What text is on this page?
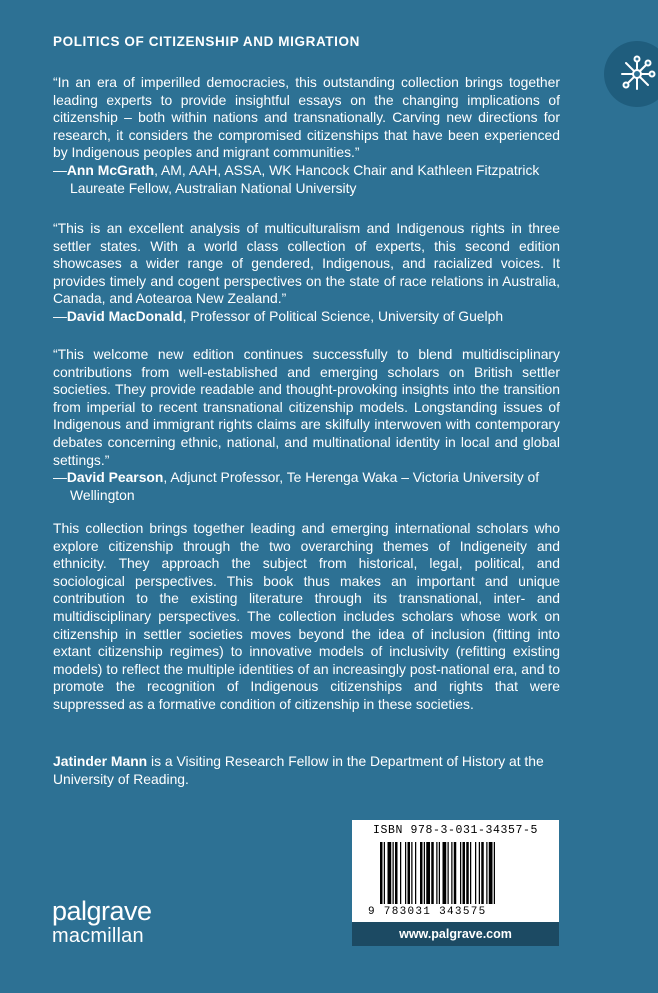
POLITICS OF CITIZENSHIP AND MIGRATION

“In an era of imperilled democracies, this outstanding collection brings together leading experts to provide insightful essays on the changing implications of citizenship – both within nations and transnationally. Carving new directions for research, it considers the compromised citizenships that have been experienced by Indigenous peoples and migrant communities.”

—Ann McGrath, AM, AAH, ASSA, WK Hancock Chair and Kathleen Fitzpatrick Laureate Fellow, Australian National University

“This is an excellent analysis of multiculturalism and Indigenous rights in three settler states. With a world class collection of experts, this second edition showcases a wider range of gendered, Indigenous, and racialized voices. It provides timely and cogent perspectives on the state of race relations in Australia, Canada, and Aotearoa New Zealand.”

—David MacDonald, Professor of Political Science, University of Guelph

“This welcome new edition continues successfully to blend multidisciplinary contributions from well-established and emerging scholars on British settler societies. They provide readable and thought-provoking insights into the transition from imperial to recent transnational citizenship models. Longstanding issues of Indigenous and immigrant rights claims are skilfully interwoven with contemporary debates concerning ethnic, national, and multinational identity in local and global settings.”

—David Pearson, Adjunct Professor, Te Herenga Waka – Victoria University of Wellington

This collection brings together leading and emerging international scholars who explore citizenship through the two overarching themes of Indigeneity and ethnicity. They approach the subject from historical, legal, political, and sociological perspectives. This book thus makes an important and unique contribution to the existing literature through its transnational, inter- and multidisciplinary perspectives. The collection includes scholars whose work on citizenship in settler societies moves beyond the idea of inclusion (fitting into extant citizenship regimes) to innovative models of inclusivity (refitting existing models) to reflect the multiple identities of an increasingly post-national era, and to promote the recognition of Indigenous citizenships and rights that were suppressed as a formative condition of citizenship in these societies.

Jatinder Mann is a Visiting Research Fellow in the Department of History at the University of Reading.

ISBN 978-3-031-34357-5
9 783031 343575
www.palgrave.com
palgrave
macmillan
